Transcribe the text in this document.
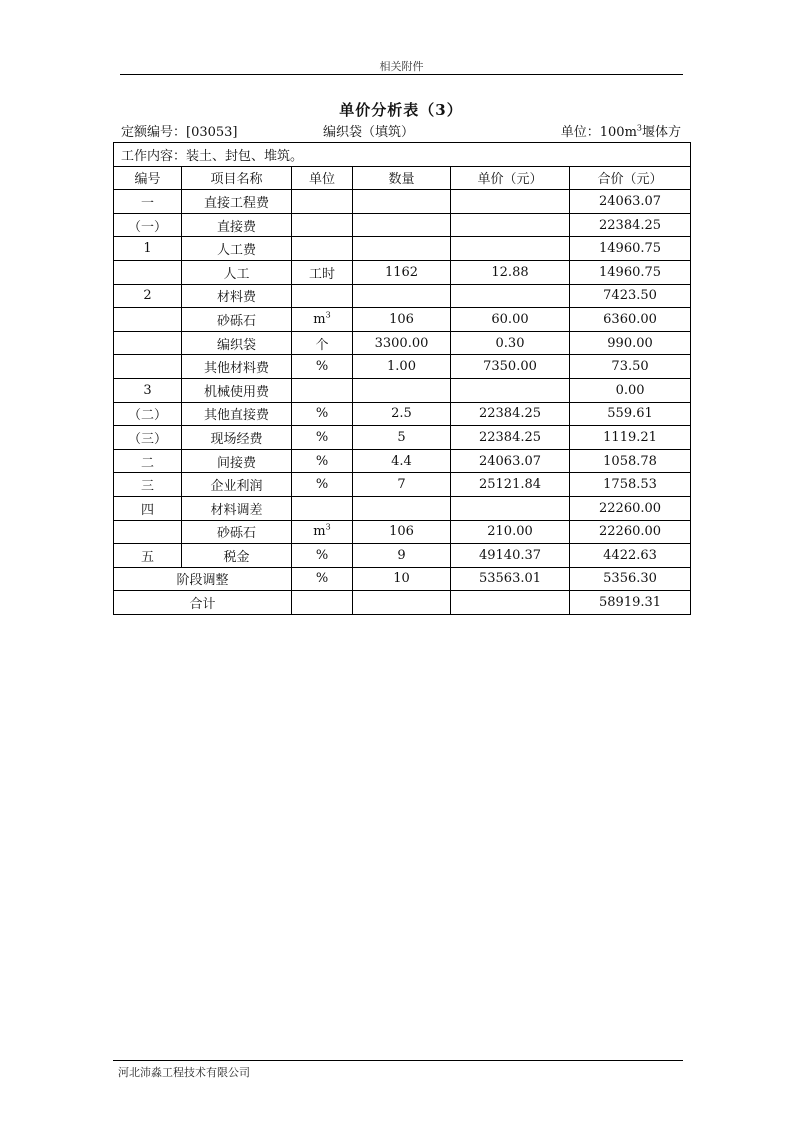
相关附件
单价分析表（3）
定额编号：[03053]	编织袋（填筑）	单位：$100m^3$堰体方
工作内容：装土、封包、堆筑。					
编号	项目名称	单位	数量	单价（元）	合价（元）
一	直接工程费				24063.07
（一）	直接费				22384.25
1	人工费				14960.75
	人工	工时	1162	12.88	14960.75
2	材料费				7423.50
	砂砾石	$m^3$	106	60.00	6360.00
	编织袋	个	3300.00	0.30	990.00
	其他材料费	%	1.00	7350.00	73.50
3	机械使用费				0.00
（二）	其他直接费	%	2.5	22384.25	559.61
（三）	现场经费	%	5	22384.25	1119.21
二	间接费	%	4.4	24063.07	1058.78
三	企业利润	%	7	25121.84	1758.53
四	材料调差				22260.00
	砂砾石	$m^3$	106	210.00	22260.00
五	税金	%	9	49140.37	4422.63
阶段调整		%	10	53563.01	5356.30
合计					58919.31
河北沛淼工程技术有限公司
